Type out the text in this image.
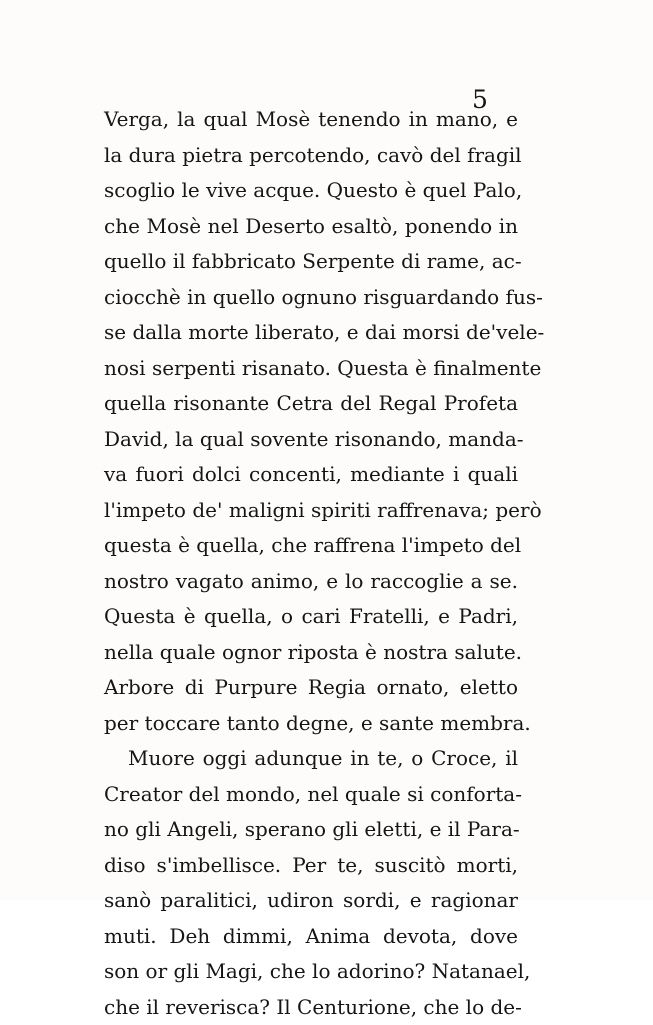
5
Verga, la qual Mosè tenendo in mano, e
la dura pietra percotendo, cavò del fragil
scoglio le vive acque. Questo è quel Palo,
che Mosè nel Deserto esaltò, ponendo in
quello il fabbricato Serpente di rame, ac-
ciocchè in quello ognuno risguardando fus-
se dalla morte liberato, e dai morsi de'vele-
nosi serpenti risanato. Questa è finalmente
quella risonante Cetra del Regal Profeta
David, la qual sovente risonando, manda-
va fuori dolci concenti, mediante i quali
l'impeto de' maligni spiriti raffrenava; però
questa è quella, che raffrena l'impeto del
nostro vagato animo, e lo raccoglie a se.
Questa è quella, o cari Fratelli, e Padri,
nella quale ognor riposta è nostra salute.
Arbore di Purpure Regia ornato, eletto
per toccare tanto degne, e sante membra.
Muore oggi adunque in te, o Croce, il
Creator del mondo, nel quale si conforta-
no gli Angeli, sperano gli eletti, e il Para-
diso s'imbellisce. Per te, suscitò morti,
sanò paralitici, udiron sordi, e ragionar
muti. Deh dimmi, Anima devota, dove
son or gli Magi, che lo adorino? Natanael,
che il reverisca? Il Centurione, che lo de-
